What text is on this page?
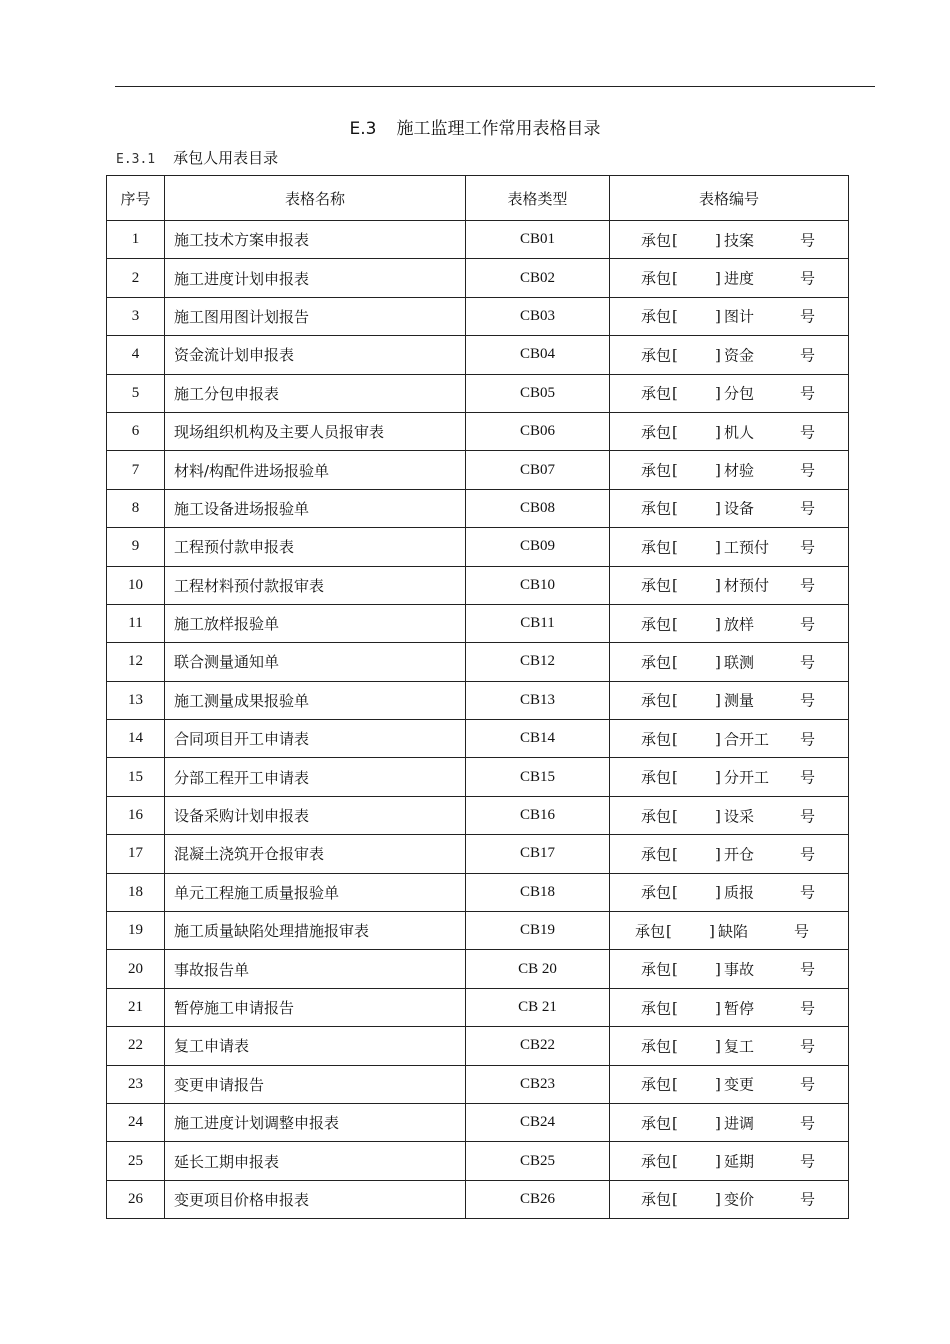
E.3 施工监理工作常用表格目录
E.3.1 承包人用表目录
序号	表格名称	表格类型	表格编号
1	施工技术方案申报表	CB01	承包 [ ] 技案 号

2	施工进度计划申报表	CB02	承包 [ ] 进度 号

3	施工图用图计划报告	CB03	承包 [ ] 图计 号

4	资金流计划申报表	CB04	承包 [ ] 资金 号

5	施工分包申报表	CB05	承包 [ ] 分包 号

6	现场组织机构及主要人员报审表	CB06	承包 [ ] 机人 号

7	材料/构配件进场报验单	CB07	承包 [ ] 材验 号

8	施工设备进场报验单	CB08	承包 [ ] 设备 号

9	工程预付款申报表	CB09	承包 [ ] 工预付 号

10	工程材料预付款报审表	CB10	承包 [ ] 材预付 号

11	施工放样报验单	CB11	承包 [ ] 放样 号

12	联合测量通知单	CB12	承包 [ ] 联测 号

13	施工测量成果报验单	CB13	承包 [ ] 测量 号

14	合同项目开工申请表	CB14	承包 [ ] 合开工 号

15	分部工程开工申请表	CB15	承包 [ ] 分开工 号

16	设备采购计划申报表	CB16	承包 [ ] 设采 号

17	混凝土浇筑开仓报审表	CB17	承包 [ ] 开仓 号

18	单元工程施工质量报验单	CB18	承包 [ ] 质报 号

19	施工质量缺陷处理措施报审表	CB19	承包 [ ] 缺陷 号

20	事故报告单	CB 20	承包 [ ] 事故 号

21	暂停施工申请报告	CB 21	承包 [ ] 暂停 号

22	复工申请表	CB22	承包 [ ] 复工 号

23	变更申请报告	CB23	承包 [ ] 变更 号

24	施工进度计划调整申报表	CB24	承包 [ ] 进调 号

25	延长工期申报表	CB25	承包 [ ] 延期 号

26	变更项目价格申报表	CB26	承包 [ ] 变价 号
